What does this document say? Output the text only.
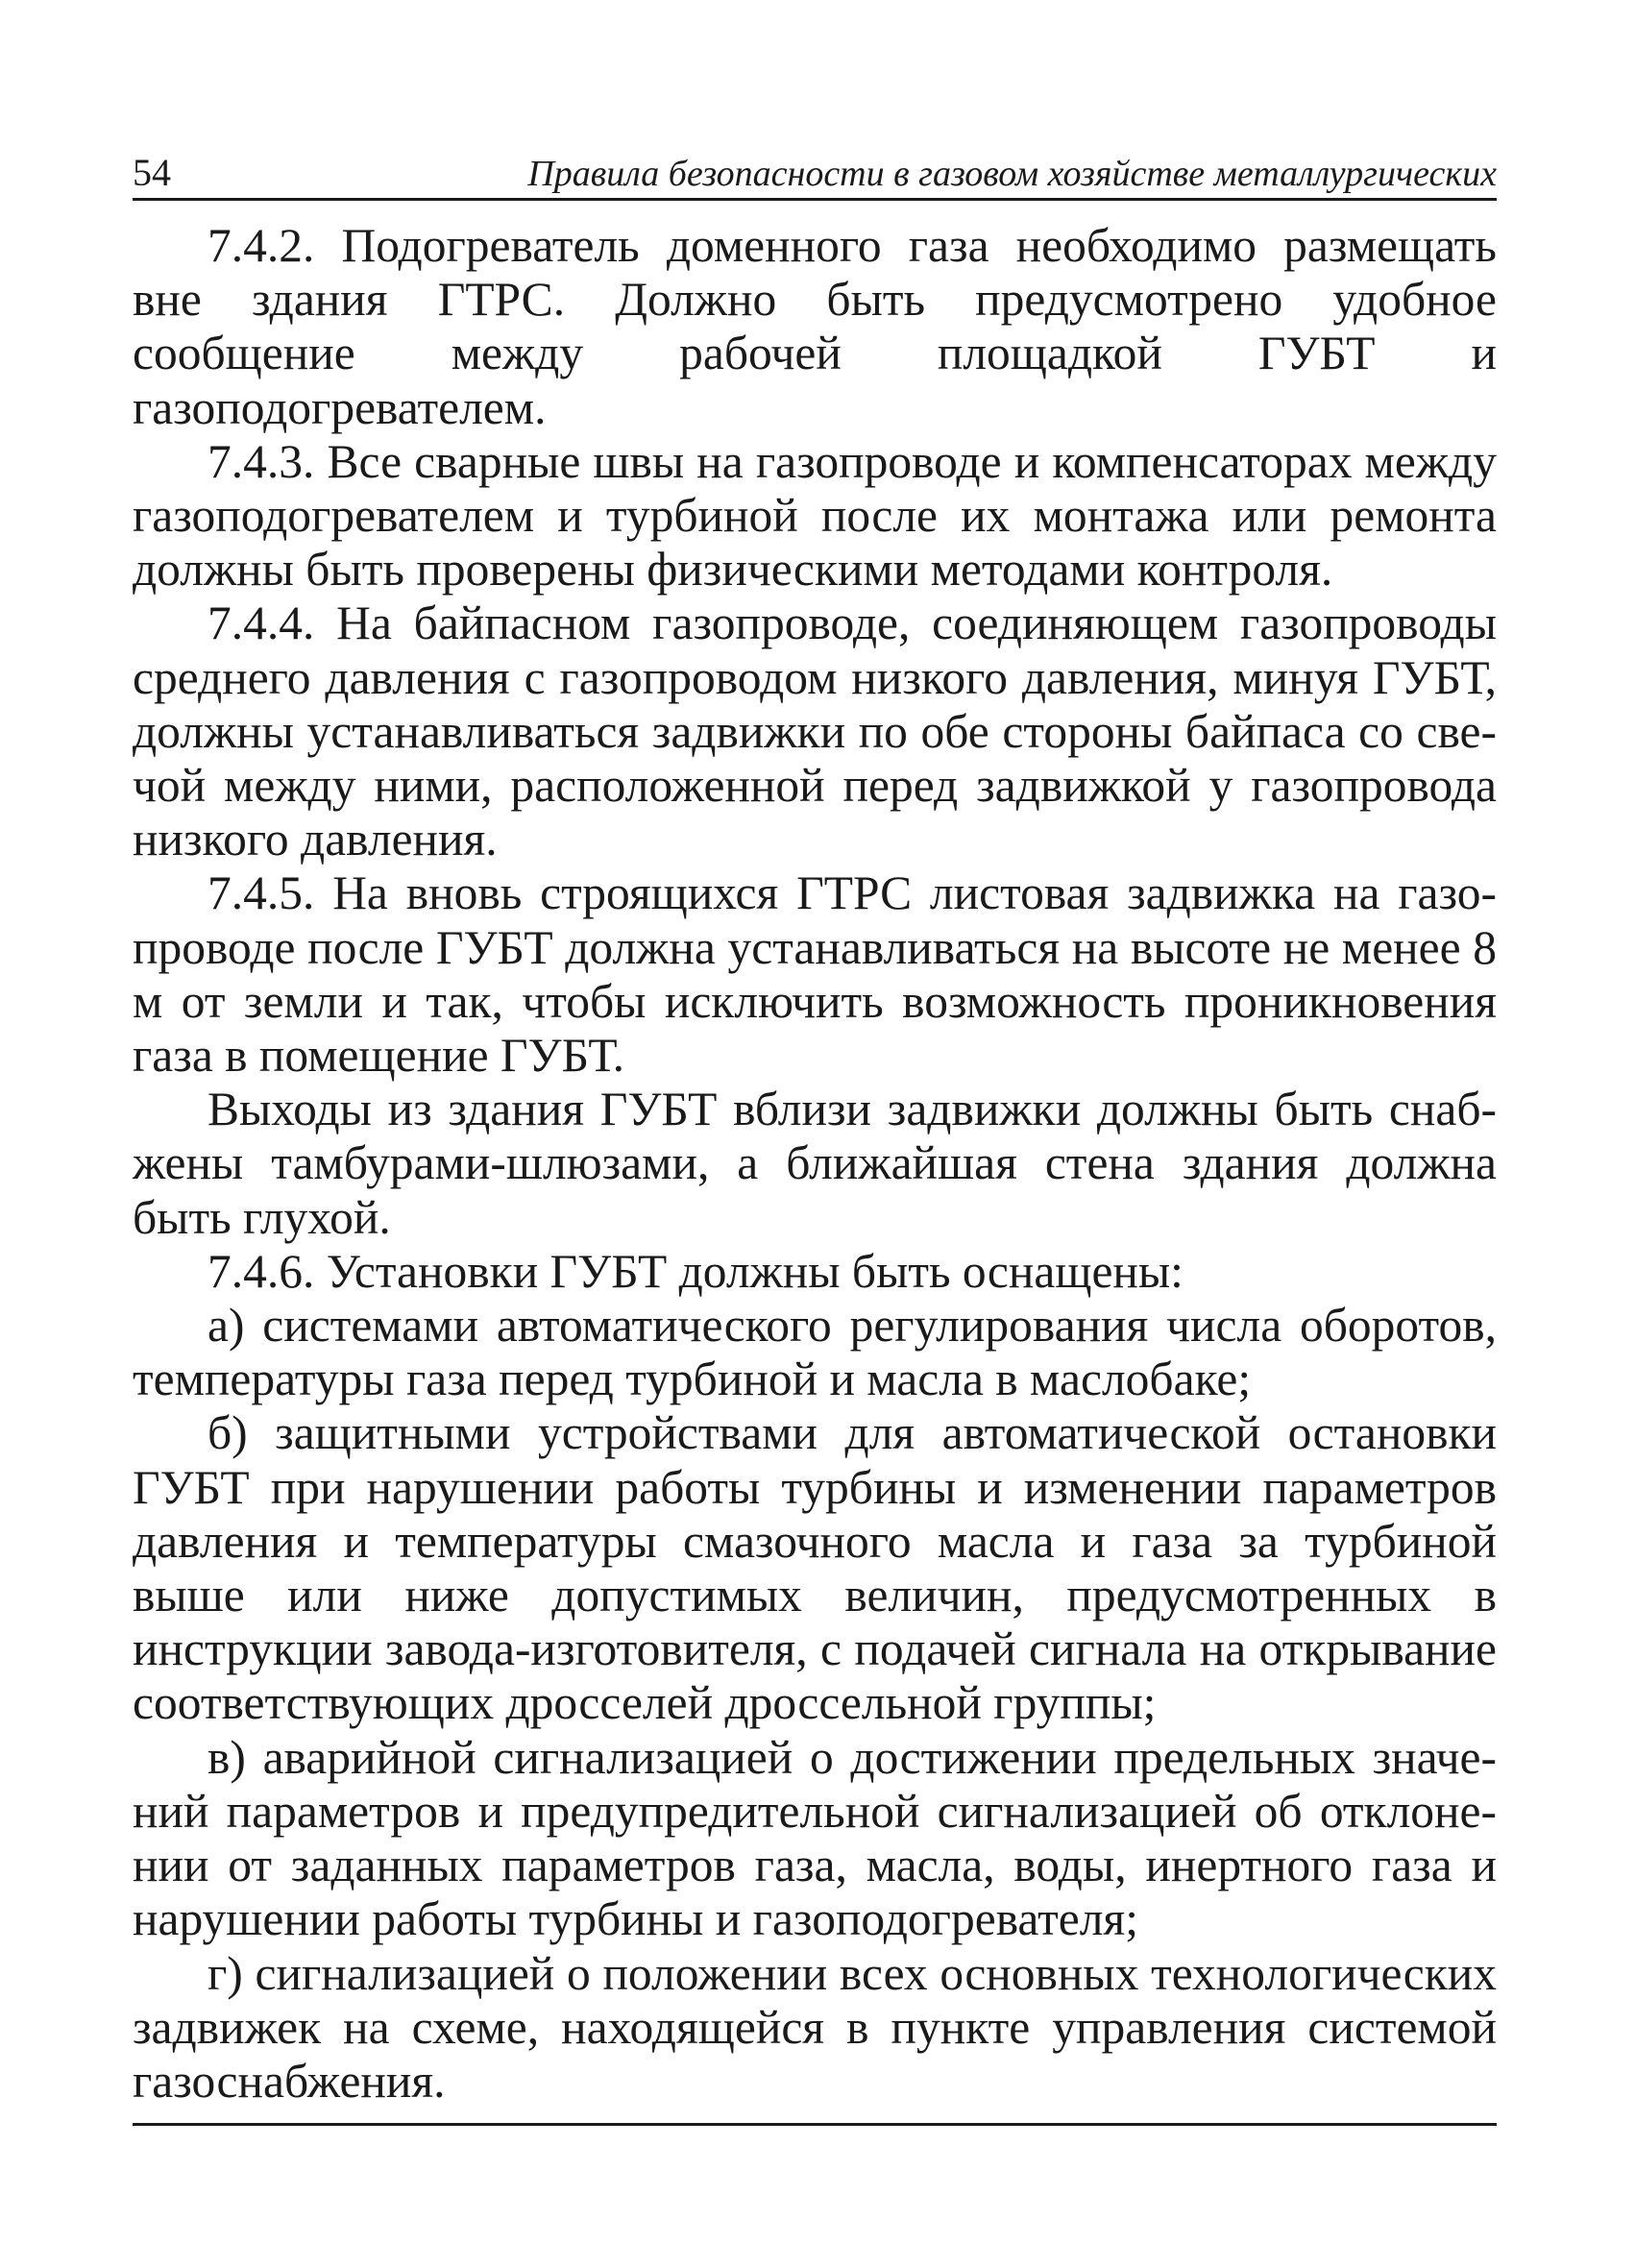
54	Правила безопасности в газовом хозяйстве металлургических

7.4.2. Подогреватель доменного газа необходимо размещать вне здания ГТРС. Должно быть предусмотрено удобное сообщение между рабочей площадкой ГУБТ и газоподогревателем.

7.4.3. Все сварные швы на газопроводе и компенсаторах между газоподогревателем и турбиной после их монтажа или ремонта должны быть проверены физическими методами контроля.

7.4.4. На байпасном газопроводе, соединяющем газопроводы среднего давления с газопроводом низкого давления, минуя ГУБТ, должны устанавливаться задвижки по обе стороны байпаса со свечой между ними, расположенной перед задвижкой у газопровода низкого давления.

7.4.5. На вновь строящихся ГТРС листовая задвижка на газопроводе после ГУБТ должна устанавливаться на высоте не менее 8 м от земли и так, чтобы исключить возможность проникновения газа в помещение ГУБТ.

Выходы из здания ГУБТ вблизи задвижки должны быть снабжены тамбурами-шлюзами, а ближайшая стена здания должна быть глухой.

7.4.6. Установки ГУБТ должны быть оснащены:

а) системами автоматического регулирования числа оборотов, температуры газа перед турбиной и масла в маслобаке;

б) защитными устройствами для автоматической остановки ГУБТ при нарушении работы турбины и изменении параметров давления и температуры смазочного масла и газа за турбиной выше или ниже допустимых величин, предусмотренных в инструкции завода-изготовителя, с подачей сигнала на открывание соответствующих дросселей дроссельной группы;

в) аварийной сигнализацией о достижении предельных значений параметров и предупредительной сигнализацией об отклонении от заданных параметров газа, масла, воды, инертного газа и нарушении работы турбины и газоподогревателя;

г) сигнализацией о положении всех основных технологических задвижек на схеме, находящейся в пункте управления системой газоснабжения.
